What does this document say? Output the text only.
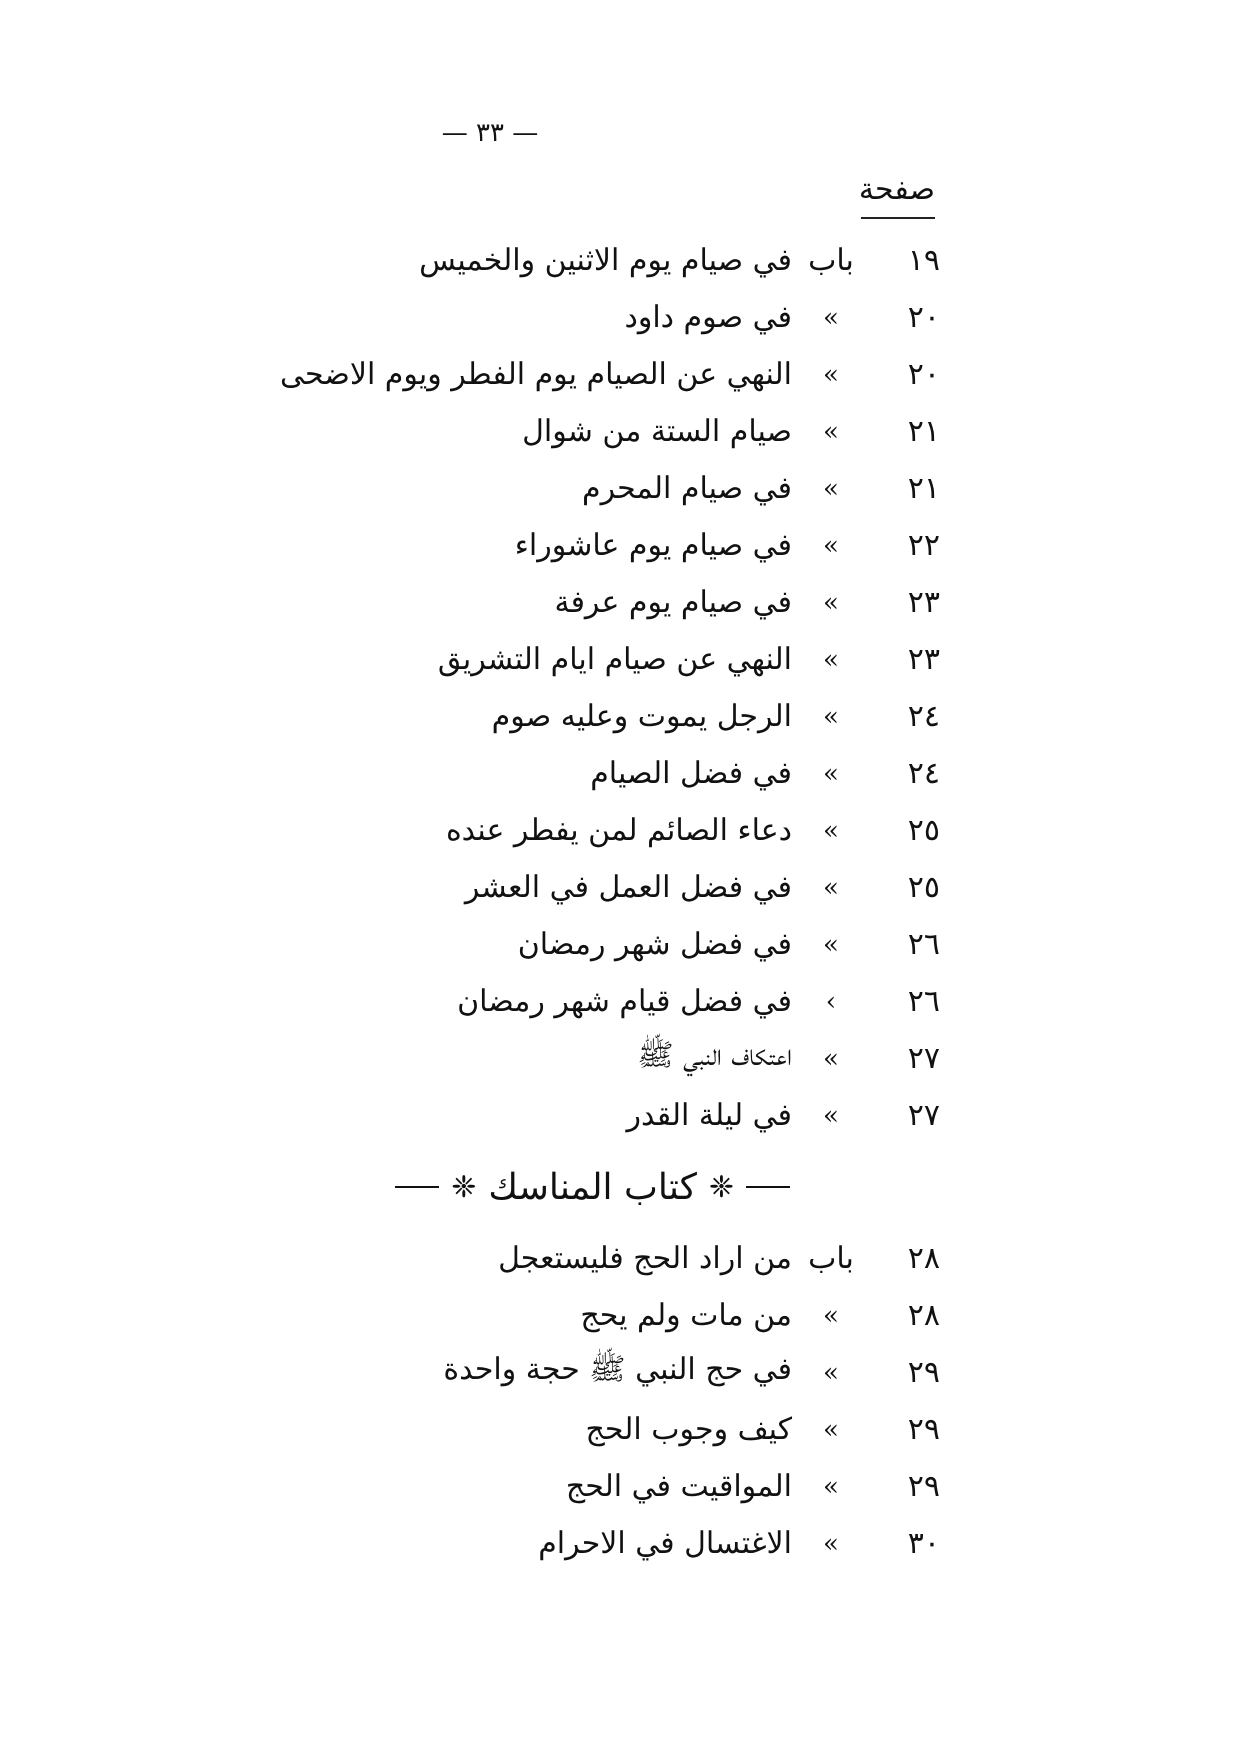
— ٣٣ —
صفحة
١٩
باب
في صيام يوم الاثنين والخميس
٢٠
»
في صوم داود
٢٠
»
النهي عن الصيام يوم الفطر ويوم الاضحى
٢١
»
صيام الستة من شوال
٢١
»
في صيام المحرم
٢٢
»
في صيام يوم عاشوراء
٢٣
»
في صيام يوم عرفة
٢٣
»
النهي عن صيام ايام التشريق
٢٤
»
الرجل يموت وعليه صوم
٢٤
»
في فضل الصيام
٢٥
»
دعاء الصائم لمن يفطر عنده
٢٥
»
في فضل العمل في العشر
٢٦
»
في فضل شهر رمضان
٢٦
›
في فضل قيام شهر رمضان
٢٧
»
اعتكاف النبي ﷺ
٢٧
»
في ليلة القدر
❈
كتاب المناسك
❈
٢٨
باب
من اراد الحج فليستعجل
٢٨
»
من مات ولم يحج
٢٩
»
في حج النبي ﷺ حجة واحدة
٢٩
»
كيف وجوب الحج
٢٩
»
المواقيت في الحج
٣٠
»
الاغتسال في الاحرام
